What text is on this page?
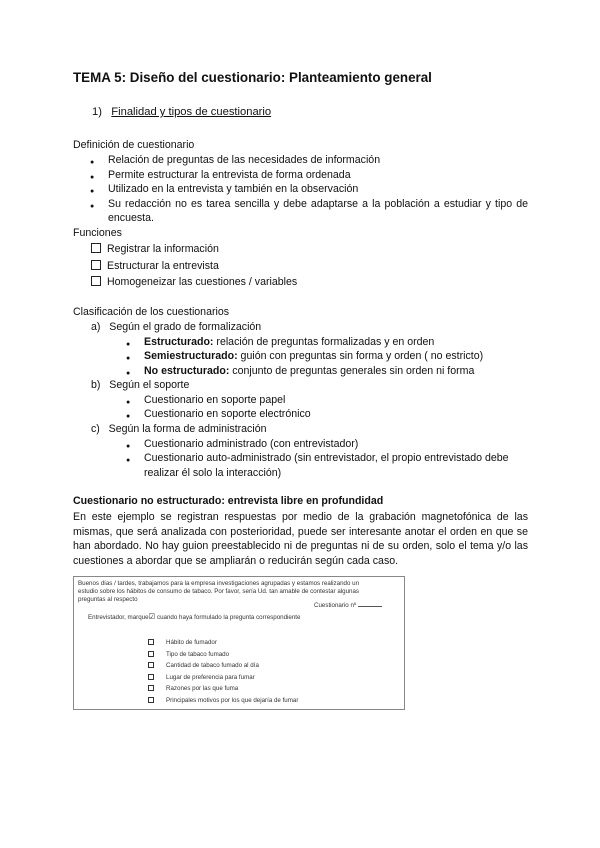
TEMA 5: Diseño del cuestionario: Planteamiento general
1) Finalidad y tipos de cuestionario
Definición de cuestionario
● Relación de preguntas de las necesidades de información
● Permite estructurar la entrevista de forma ordenada
● Utilizado en la entrevista y también en la observación
● Su redacción no es tarea sencilla y debe adaptarse a la población a estudiar y tipo de encuesta.
Funciones
Registrar la información
Estructurar la entrevista
Homogeneizar las cuestiones / variables
Clasificación de los cuestionarios
a) Según el grado de formalización
● Estructurado: relación de preguntas formalizadas y en orden
● Semiestructurado: guión con preguntas sin forma y orden ( no estricto)
● No estructurado: conjunto de preguntas generales sin orden ni forma
b) Según el soporte
● Cuestionario en soporte papel
● Cuestionario en soporte electrónico
c) Según la forma de administración
● Cuestionario administrado (con entrevistador)
● Cuestionario auto-administrado (sin entrevistador, el propio entrevistado debe realizar él solo la interacción)
Cuestionario no estructurado: entrevista libre en profundidad
En este ejemplo se registran respuestas por medio de la grabación magnetofónica de las mismas, que será analizada con posterioridad, puede ser interesante anotar el orden en que se han abordado. No hay guion preestablecido ni de preguntas ni de su orden, solo el tema y/o las cuestiones a abordar que se ampliarán o reducirán según cada caso.
Buenos días / tardes, trabajamos para la empresa investigaciones agrupadas y estamos realizando un
estudio sobre los hábitos de consumo de tabaco. Por favor, sería Ud. tan amable de contestar algunas
preguntas al respecto
Cuestionario nº
Entrevistador, marque☑ cuando haya formulado la pregunta correspondiente
Hábito de fumador
Tipo de tabaco fumado
Cantidad de tabaco fumado al día
Lugar de preferencia para fumar
Razones por las que fuma
Principales motivos por los que dejaría de fumar
